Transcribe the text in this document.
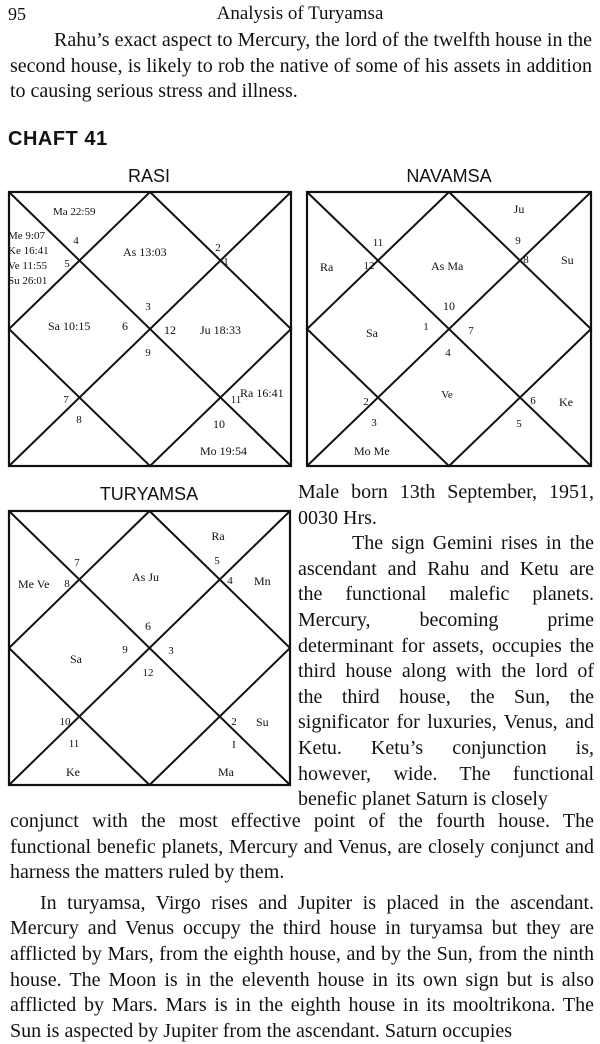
95	Analysis of Turyamsa

Rahu’s exact aspect to Mercury, the lord of the twelfth house in the second house, is likely to rob the native of some of his assets in addition to causing serious stress and illness.

CHAFT 41
RASI	NAVAMSA
TURYAMSA
Ma 22:59
Me 9:07
Ke 16:41
Ve 11:55
Su 26:01
4
5
As 13:03	2
1
3
Sa 10:15	6	12 Ju 18:33
9
7
8
11
Ra 16:41
10
Mo 19:54
Ju
11
Ra	12	As Ma
9
8	Su
10
Sa	1	7
4
Ve
2
3
6 Ke
5
Mo Me
Ra
7
Me Ve 8	As Ju
5
4 Mn
6
Sa
9	3
12
10	2 Su
11	I
Ke	Ma

Male born 13th September, 1951, 0030 Hrs.

The sign Gemini rises in the ascendant and Rahu and Ketu are the functional malefic planets. Mercury, becoming prime determinant for assets, occupies the third house along with the lord of the third house, the Sun, the significator for luxuries, Venus, and Ketu. Ketu’s conjunction is, however, wide. The functional benefic planet Saturn is closely

conjunct with the most effective point of the fourth house. The functional benefic planets, Mercury and Venus, are closely conjunct and harness the matters ruled by them.

In turyamsa, Virgo rises and Jupiter is placed in the ascendant. Mercury and Venus occupy the third house in turyamsa but they are afflicted by Mars, from the eighth house, and by the Sun, from the ninth house. The Moon is in the eleventh house in its own sign but is also afflicted by Mars. Mars is in the eighth house in its mooltrikona. The Sun is aspected by Jupiter from the ascendant. Saturn occupies
